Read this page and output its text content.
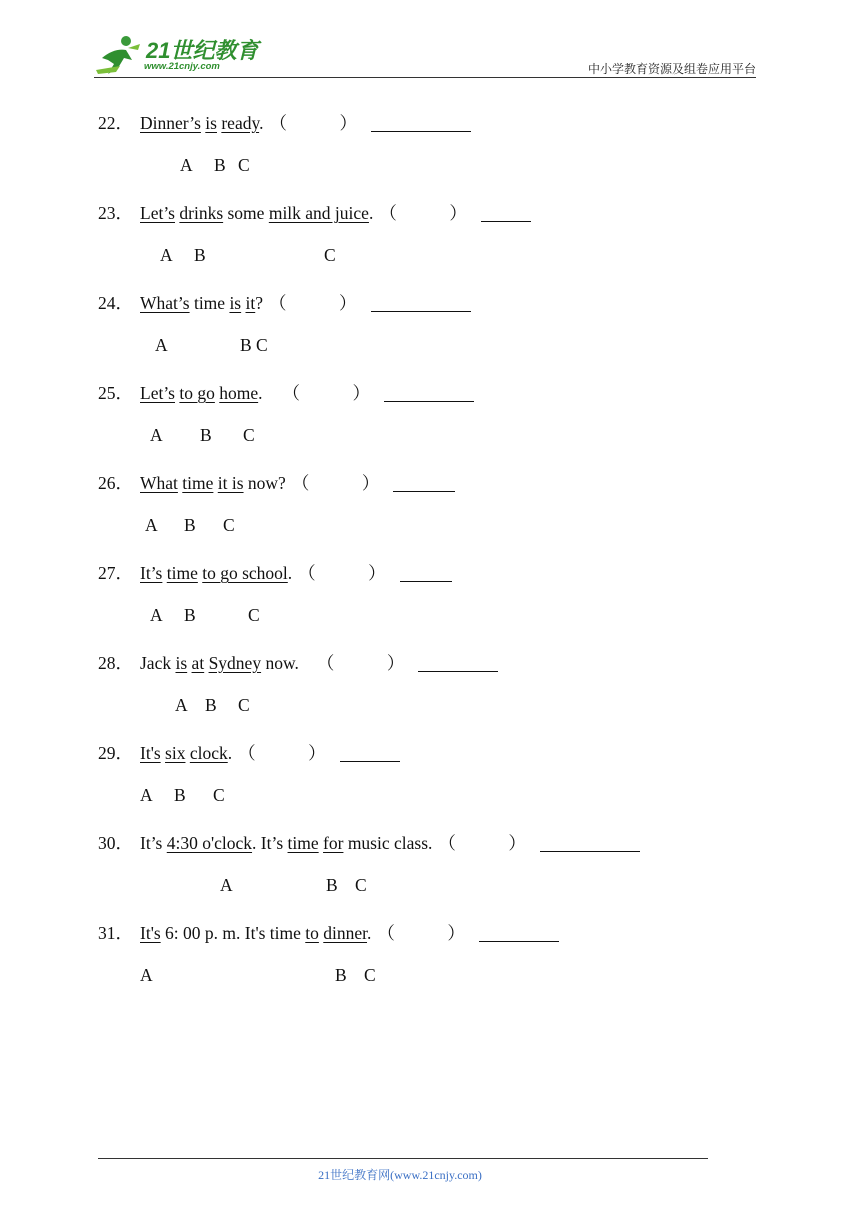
21世纪教育
www.21cnjy.com	中小学教育资源及组卷应用平台
22． Dinner’s is ready. （　　　）
A B C
23． Let’s drinks some milk and juice. （　　　）
A B	C
24． What’s time is it? （　　　）
A	B C
25． Let’s to go home. （　　　）
A B C
26． What time it is now? （　　　）
A B C
27． It’s time to go school. （　　　）
A B	C
28． Jack is at Sydney now. （　　　）
A B C
29． It's six clock. （　　　）
A B C
30． It’s 4:30 o'clock. It’s time for music class. （　　　）
A	B C
31． It's 6: 00 p. m. It's time to dinner. （　　　）
A	B C
21世纪教育网(www.21cnjy.com)
